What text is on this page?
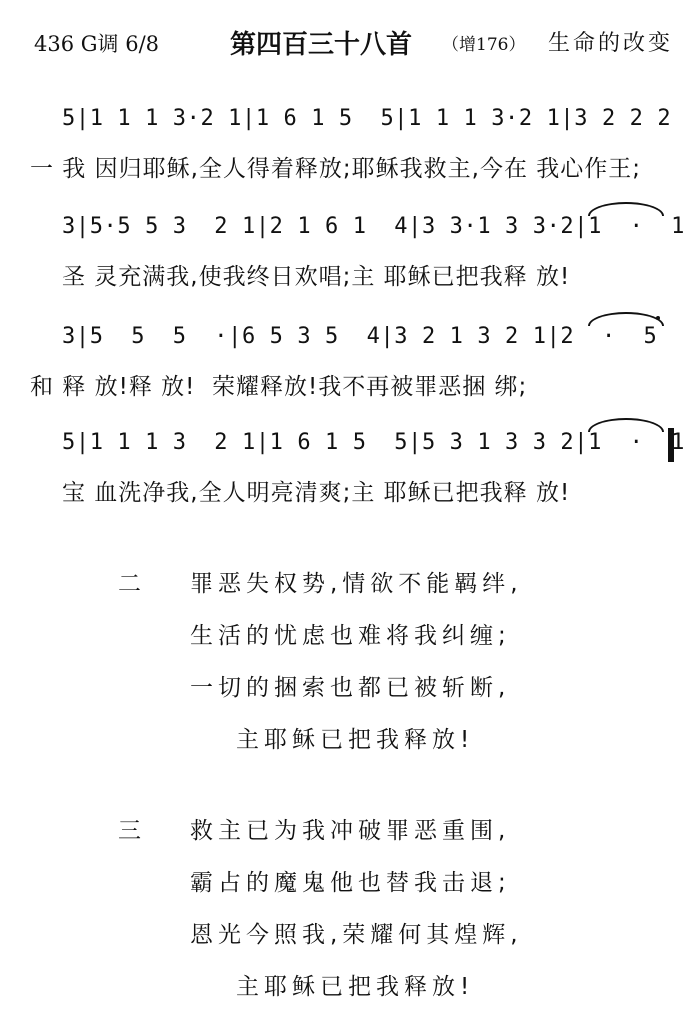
436 G调 6/8	第四百三十八首 （增176） 生命的改变
5|1 1 1 3·2 1|1 6 1 5  5|1 1 1 3·2 1|3 2 2 2
一 我 因归耶稣,全人得着释放;耶稣我救主,今在 我心作王;
3|5·5 5 3  2 1|2 1 6 1  4|3 3·1 3 3·2|1  ·  1
圣 灵充满我,使我终日欢唱;主 耶稣已把我释 放!
3|5  5  5  ·|6 5 3 5  4|3 2 1 3 2 1|2  ·  5
和 释 放!释 放!  荣耀释放!我不再被罪恶捆 绑;
5|1 1 1 3  2 1|1 6 1 5  5|5 3 1 3 3 2|1  ·  1
宝 血洗净我,全人明亮清爽;主 耶稣已把我释 放!
二 罪恶失权势,情欲不能羁绊,
生活的忧虑也难将我纠缠;
一切的捆索也都已被斩断,
主耶稣已把我释放!
三 救主已为我冲破罪恶重围,
霸占的魔鬼他也替我击退;
恩光今照我,荣耀何其煌辉,
主耶稣已把我释放!
